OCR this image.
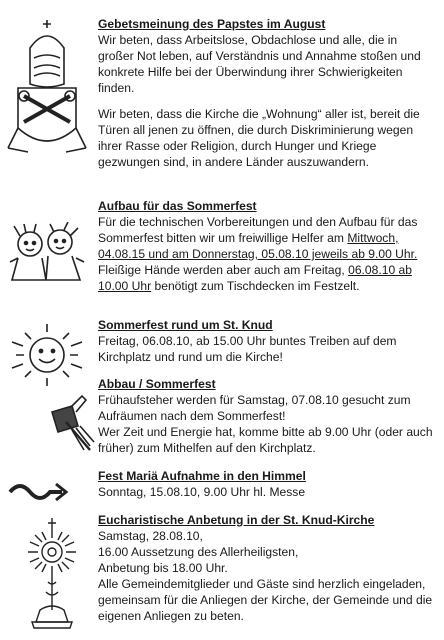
Gebetsmeinung des Papstes im August

Wir beten, dass Arbeitslose, Obdachlose und alle, die in großer Not leben, auf Verständnis und Annahme stoßen und konkrete Hilfe bei der Überwindung ihrer Schwierigkeiten finden.

Wir beten, dass die Kirche die „Wohnung“ aller ist, bereit die Türen all jenen zu öffnen, die durch Diskriminierung wegen ihrer Rasse oder Religion, durch Hunger und Kriege gezwungen sind, in andere Länder auszuwandern.

Aufbau für das Sommerfest

Für die technischen Vorbereitungen und den Aufbau für das Sommerfest bitten wir um freiwillige Helfer am Mittwoch, 04.08.15 und am Donnerstag, 05.08.10 jeweils ab 9.00 Uhr.

Fleißige Hände werden aber auch am Freitag, 06.08.10 ab 10.00 Uhr benötigt zum Tischdecken im Festzelt.

Sommerfest rund um St. Knud

Freitag, 06.08.10, ab 15.00 Uhr buntes Treiben auf dem Kirchplatz und rund um die Kirche!

Abbau / Sommerfest

Frühaufsteher werden für Samstag, 07.08.10 gesucht zum Aufräumen nach dem Sommerfest!

Wer Zeit und Energie hat, komme bitte ab 9.00 Uhr (oder auch früher) zum Mithelfen auf den Kirchplatz.

Fest Mariä Aufnahme in den Himmel

Sonntag, 15.08.10, 9.00 Uhr hl. Messe

Eucharistische Anbetung in der St. Knud-Kirche

Samstag, 28.08.10,

16.00 Aussetzung des Allerheiligsten,

Anbetung bis 18.00 Uhr.

Alle Gemeindemitglieder und Gäste sind herzlich eingeladen, gemeinsam für die Anliegen der Kirche, der Gemeinde und die eigenen Anliegen zu beten.
